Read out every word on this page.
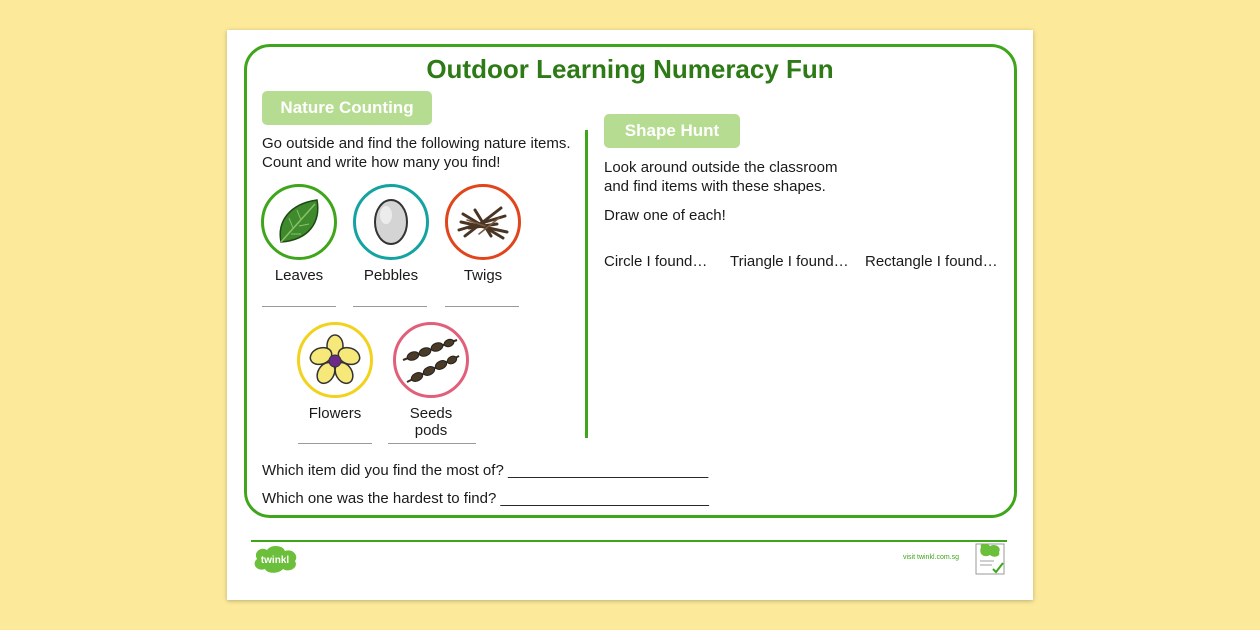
Outdoor Learning Numeracy Fun
Nature Counting

Go outside and find the following nature items.

Count and write how many you find!

Leaves	Pebbles	Twigs
Flowers	Seeds pods
Shape Hunt

Look around outside the classroom

and find items with these shapes.

Draw one of each!

Circle I found… Triangle I found… Rectangle I found…

Which item did you find the most of? ________________________

Which one was the hardest to find? _________________________

twinkl	visit twinkl.com.sg
